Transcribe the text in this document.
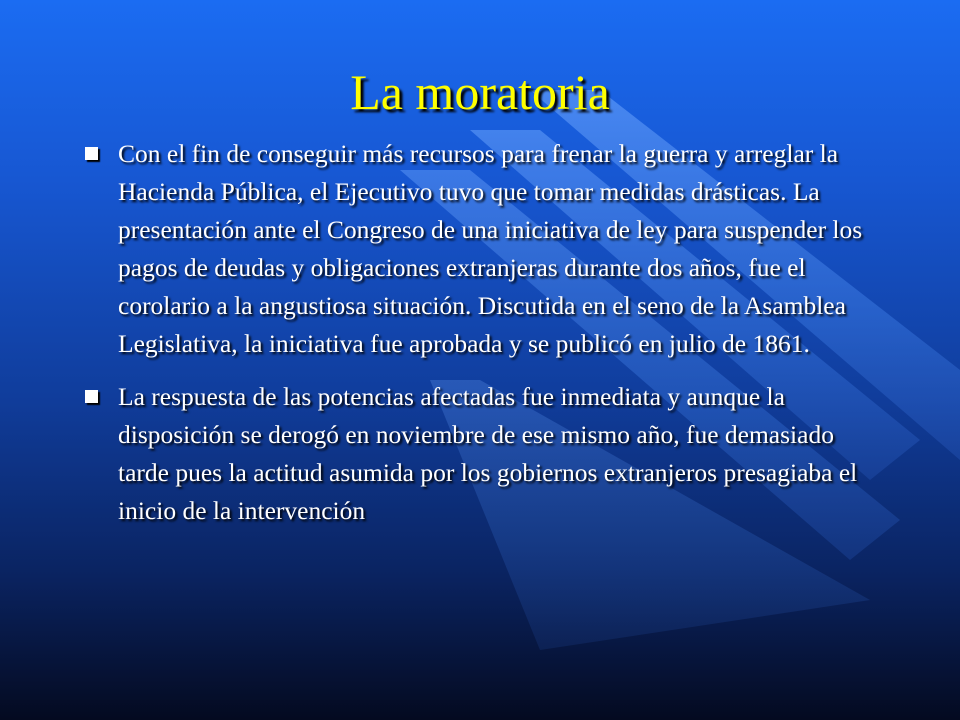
La moratoria
Con el fin de conseguir más recursos para frenar la guerra y arreglar la Hacienda Pública, el Ejecutivo tuvo que tomar medidas drásticas. La presentación ante el Congreso de una iniciativa de ley para suspender los pagos de deudas y obligaciones extranjeras durante dos años, fue el corolario a la angustiosa situación. Discutida en el seno de la Asamblea Legislativa, la iniciativa fue aprobada y se publicó en julio de 1861.
La respuesta de las potencias afectadas fue inmediata y aunque la disposición se derogó en noviembre de ese mismo año, fue demasiado tarde pues la actitud asumida por los gobiernos extranjeros presagiaba el inicio de la intervención
